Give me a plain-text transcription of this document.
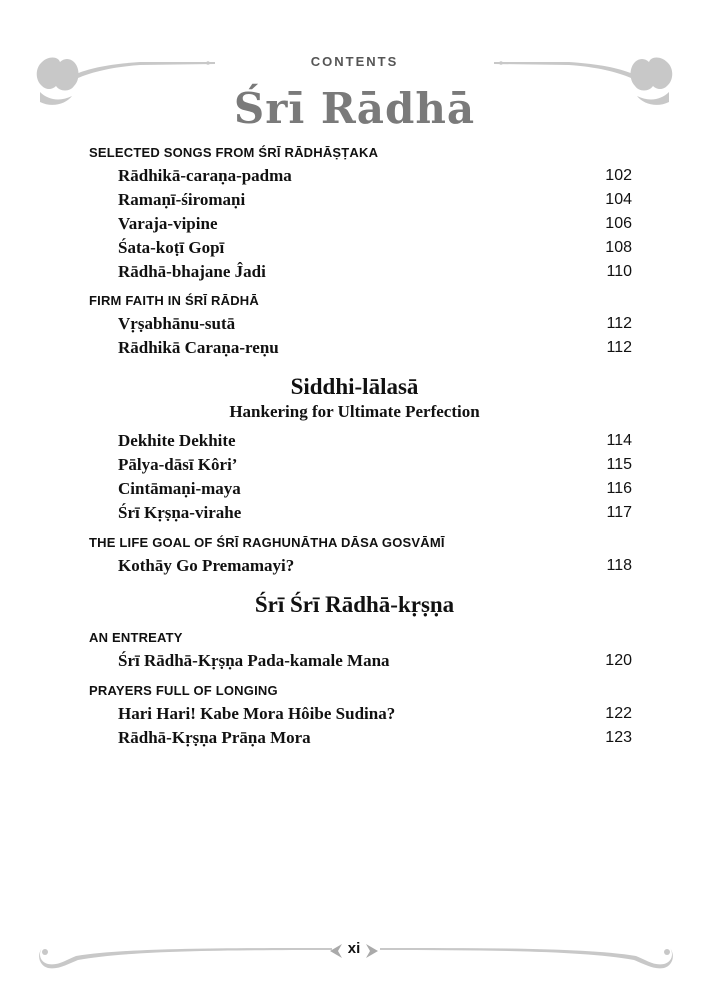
CONTENTS
Śrī Rādhā
SELECTED SONGS FROM ŚRĪ RĀDHĀṢṬAKA
Rādhikā-caraṇa-padma	102
Ramaṇī-śiromaṇi	104
Varaja-vipine	106
Śata-koṭī Gopī	108
Rādhā-bhajane Ĵadi	110
FIRM FAITH IN ŚRĪ RĀDHĀ
Vṛṣabhānu-sutā	112
Rādhikā Caraṇa-reṇu	112
Siddhi-lālasā
Hankering for Ultimate Perfection
Dekhite Dekhite	114
Pālya-dāsī Kôri’	115
Cintāmaṇi-maya	116
Śrī Kṛṣṇa-virahe	117
THE LIFE GOAL OF ŚRĪ RAGHUNĀTHA DĀSA GOSVĀMĪ
Kothāy Go Premamayi?	118
Śrī Śrī Rādhā-kṛṣṇa
AN ENTREATY
Śrī Rādhā-Kṛṣṇa Pada-kamale Mana	120
PRAYERS FULL OF LONGING
Hari Hari! Kabe Mora Hôibe Sudina?	122
Rādhā-Kṛṣṇa Prāṇa Mora	123
xi
